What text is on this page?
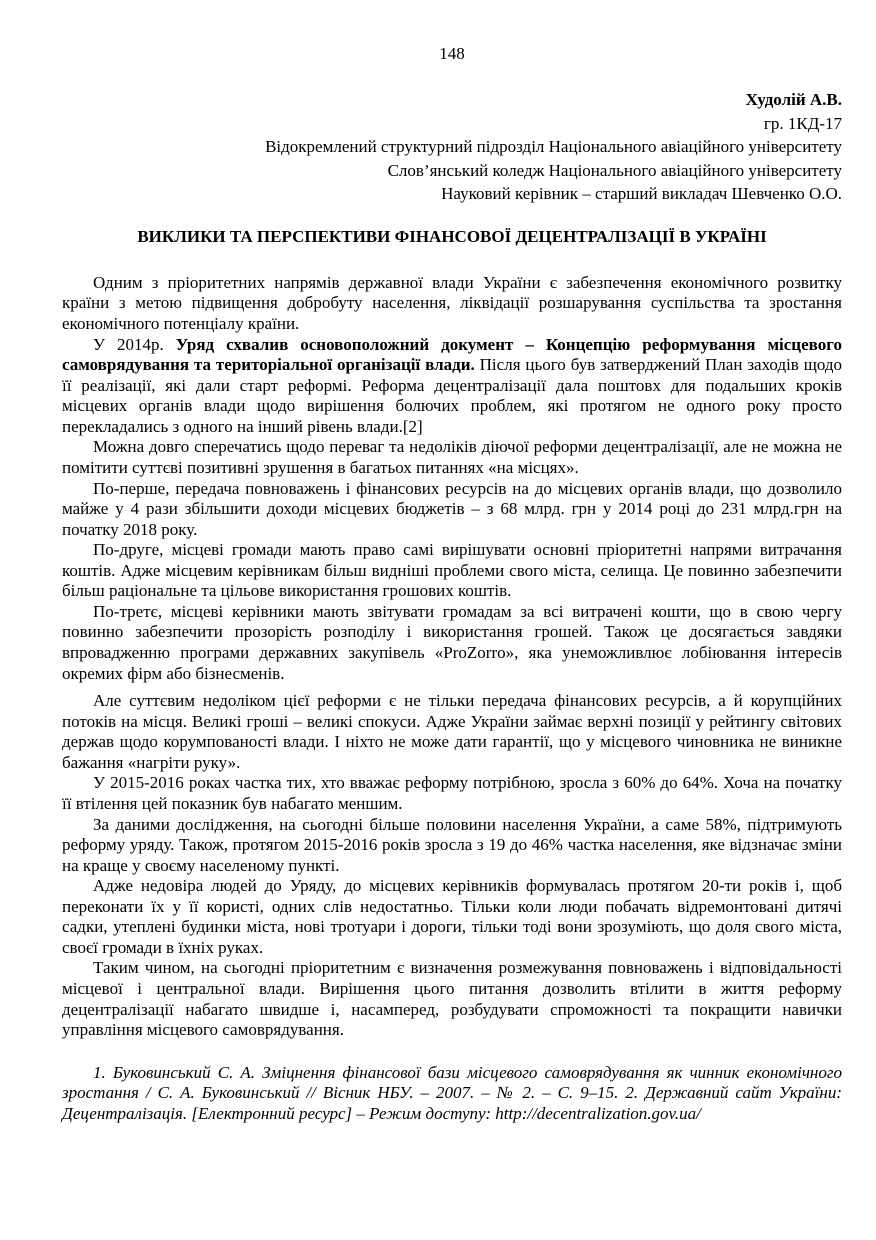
148
Худолій А.В.
гр. 1КД-17
Відокремлений структурний підрозділ Національного авіаційного університету
Слов’янський коледж Національного авіаційного університету
Науковий керівник – старший викладач Шевченко О.О.
ВИКЛИКИ ТА ПЕРСПЕКТИВИ ФІНАНСОВОЇ ДЕЦЕНТРАЛІЗАЦІЇ В УКРАЇНІ

Одним з пріоритетних напрямів державної влади України є забезпечення економічного розвитку країни з метою підвищення добробуту населення, ліквідації розшарування суспільства та зростання економічного потенціалу країни.

У 2014р. Уряд схвалив основоположний документ – Концепцію реформування місцевого самоврядування та територіальної організації влади. Після цього був затверджений План заходів щодо її реалізації, які дали старт реформі. Реформа децентралізації дала поштовх для подальших кроків місцевих органів влади щодо вирішення болючих проблем, які протягом не одного року просто перекладались з одного на інший рівень влади.[2]

Можна довго сперечатись щодо переваг та недоліків діючої реформи децентралізації, але не можна не помітити суттєві позитивні зрушення в багатьох питаннях «на місцях».

По-перше, передача повноважень і фінансових ресурсів на до місцевих органів влади, що дозволило майже у 4 рази збільшити доходи місцевих бюджетів – з 68 млрд. грн у 2014 році до 231 млрд.грн на початку 2018 року.

По-друге, місцеві громади мають право самі вирішувати основні пріоритетні напрями витрачання коштів. Адже місцевим керівникам більш видніші проблеми свого міста, селища. Це повинно забезпечити більш раціональне та цільове використання грошових коштів.

По-третє, місцеві керівники мають звітувати громадам за всі витрачені кошти, що в свою чергу повинно забезпечити прозорість розподілу і використання грошей. Також це досягається завдяки впровадженню програми державних закупівель «ProZorro», яка унеможливлює лобіювання інтересів окремих фірм або бізнесменів.

Але суттєвим недоліком цієї реформи є не тільки передача фінансових ресурсів, а й корупційних потоків на місця. Великі гроші – великі спокуси. Адже України займає верхні позиції у рейтингу світових держав щодо корумпованості влади. І ніхто не може дати гарантії, що у місцевого чиновника не виникне бажання «нагріти руку».

У 2015-2016 роках частка тих, хто вважає реформу потрібною, зросла з 60% до 64%. Хоча на початку її втілення цей показник був набагато меншим.

За даними дослідження, на сьогодні більше половини населення України, а саме 58%, підтримують реформу уряду. Також, протягом 2015-2016 років зросла з 19 до 46% частка населення, яке відзначає зміни на краще у своєму населеному пункті.

Адже недовіра людей до Уряду, до місцевих керівників формувалась протягом 20-ти років і, щоб переконати їх у її користі, одних слів недостатньо. Тільки коли люди побачать відремонтовані дитячі садки, утеплені будинки міста, нові тротуари і дороги, тільки тоді вони зрозуміють, що доля свого міста, своєї громади в їхніх руках.

Таким чином, на сьогодні пріоритетним є визначення розмежування повноважень і відповідальності місцевої і центральної влади. Вирішення цього питання дозволить втілити в життя реформу децентралізації набагато швидше і, насамперед, розбудувати спроможності та покращити навички управління місцевого самоврядування.

1. Буковинський С. А. Зміцнення фінансової бази місцевого самоврядування як чинник економічного зростання / С. А. Буковинський // Вісник НБУ. – 2007. – № 2. – С. 9–15. 2. Державний сайт України: Децентралізація. [Електронний ресурс] – Режим доступу: http://decentralization.gov.ua/
